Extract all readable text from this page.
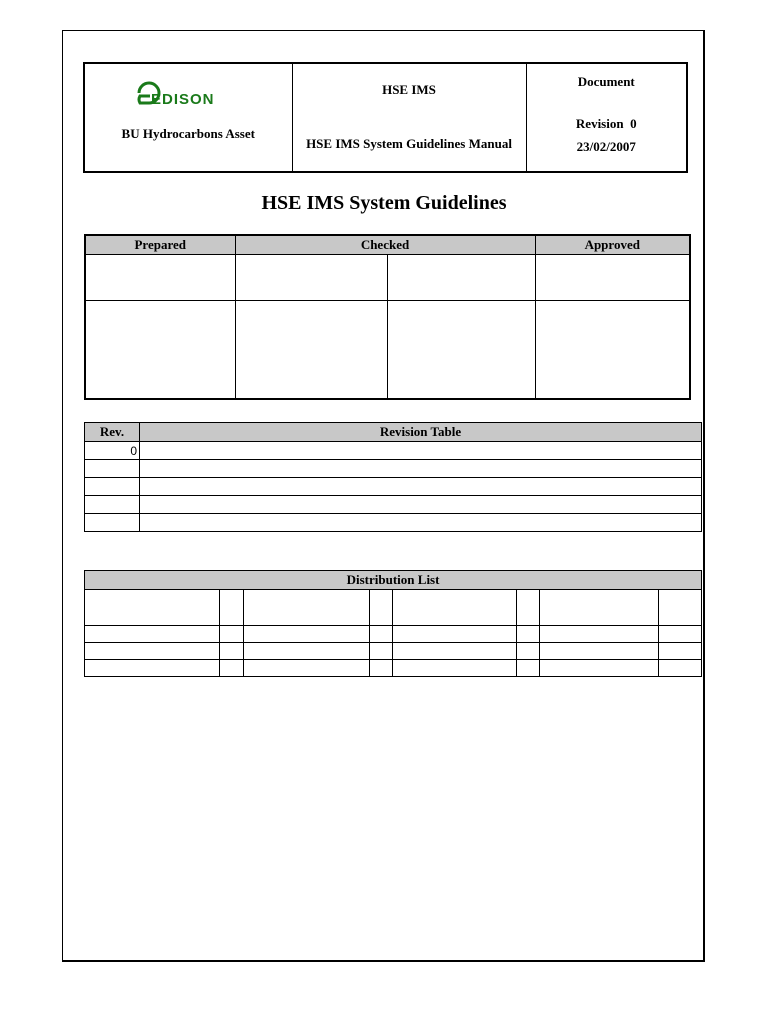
EDISON
BU Hydrocarbons Asset

HSE IMS
HSE IMS System Guidelines Manual

Document
Revision  0
23/02/2007
HSE IMS System Guidelines
Prepared	Checked		Approved

Rev.	Revision Table
0	

Distribution List							
